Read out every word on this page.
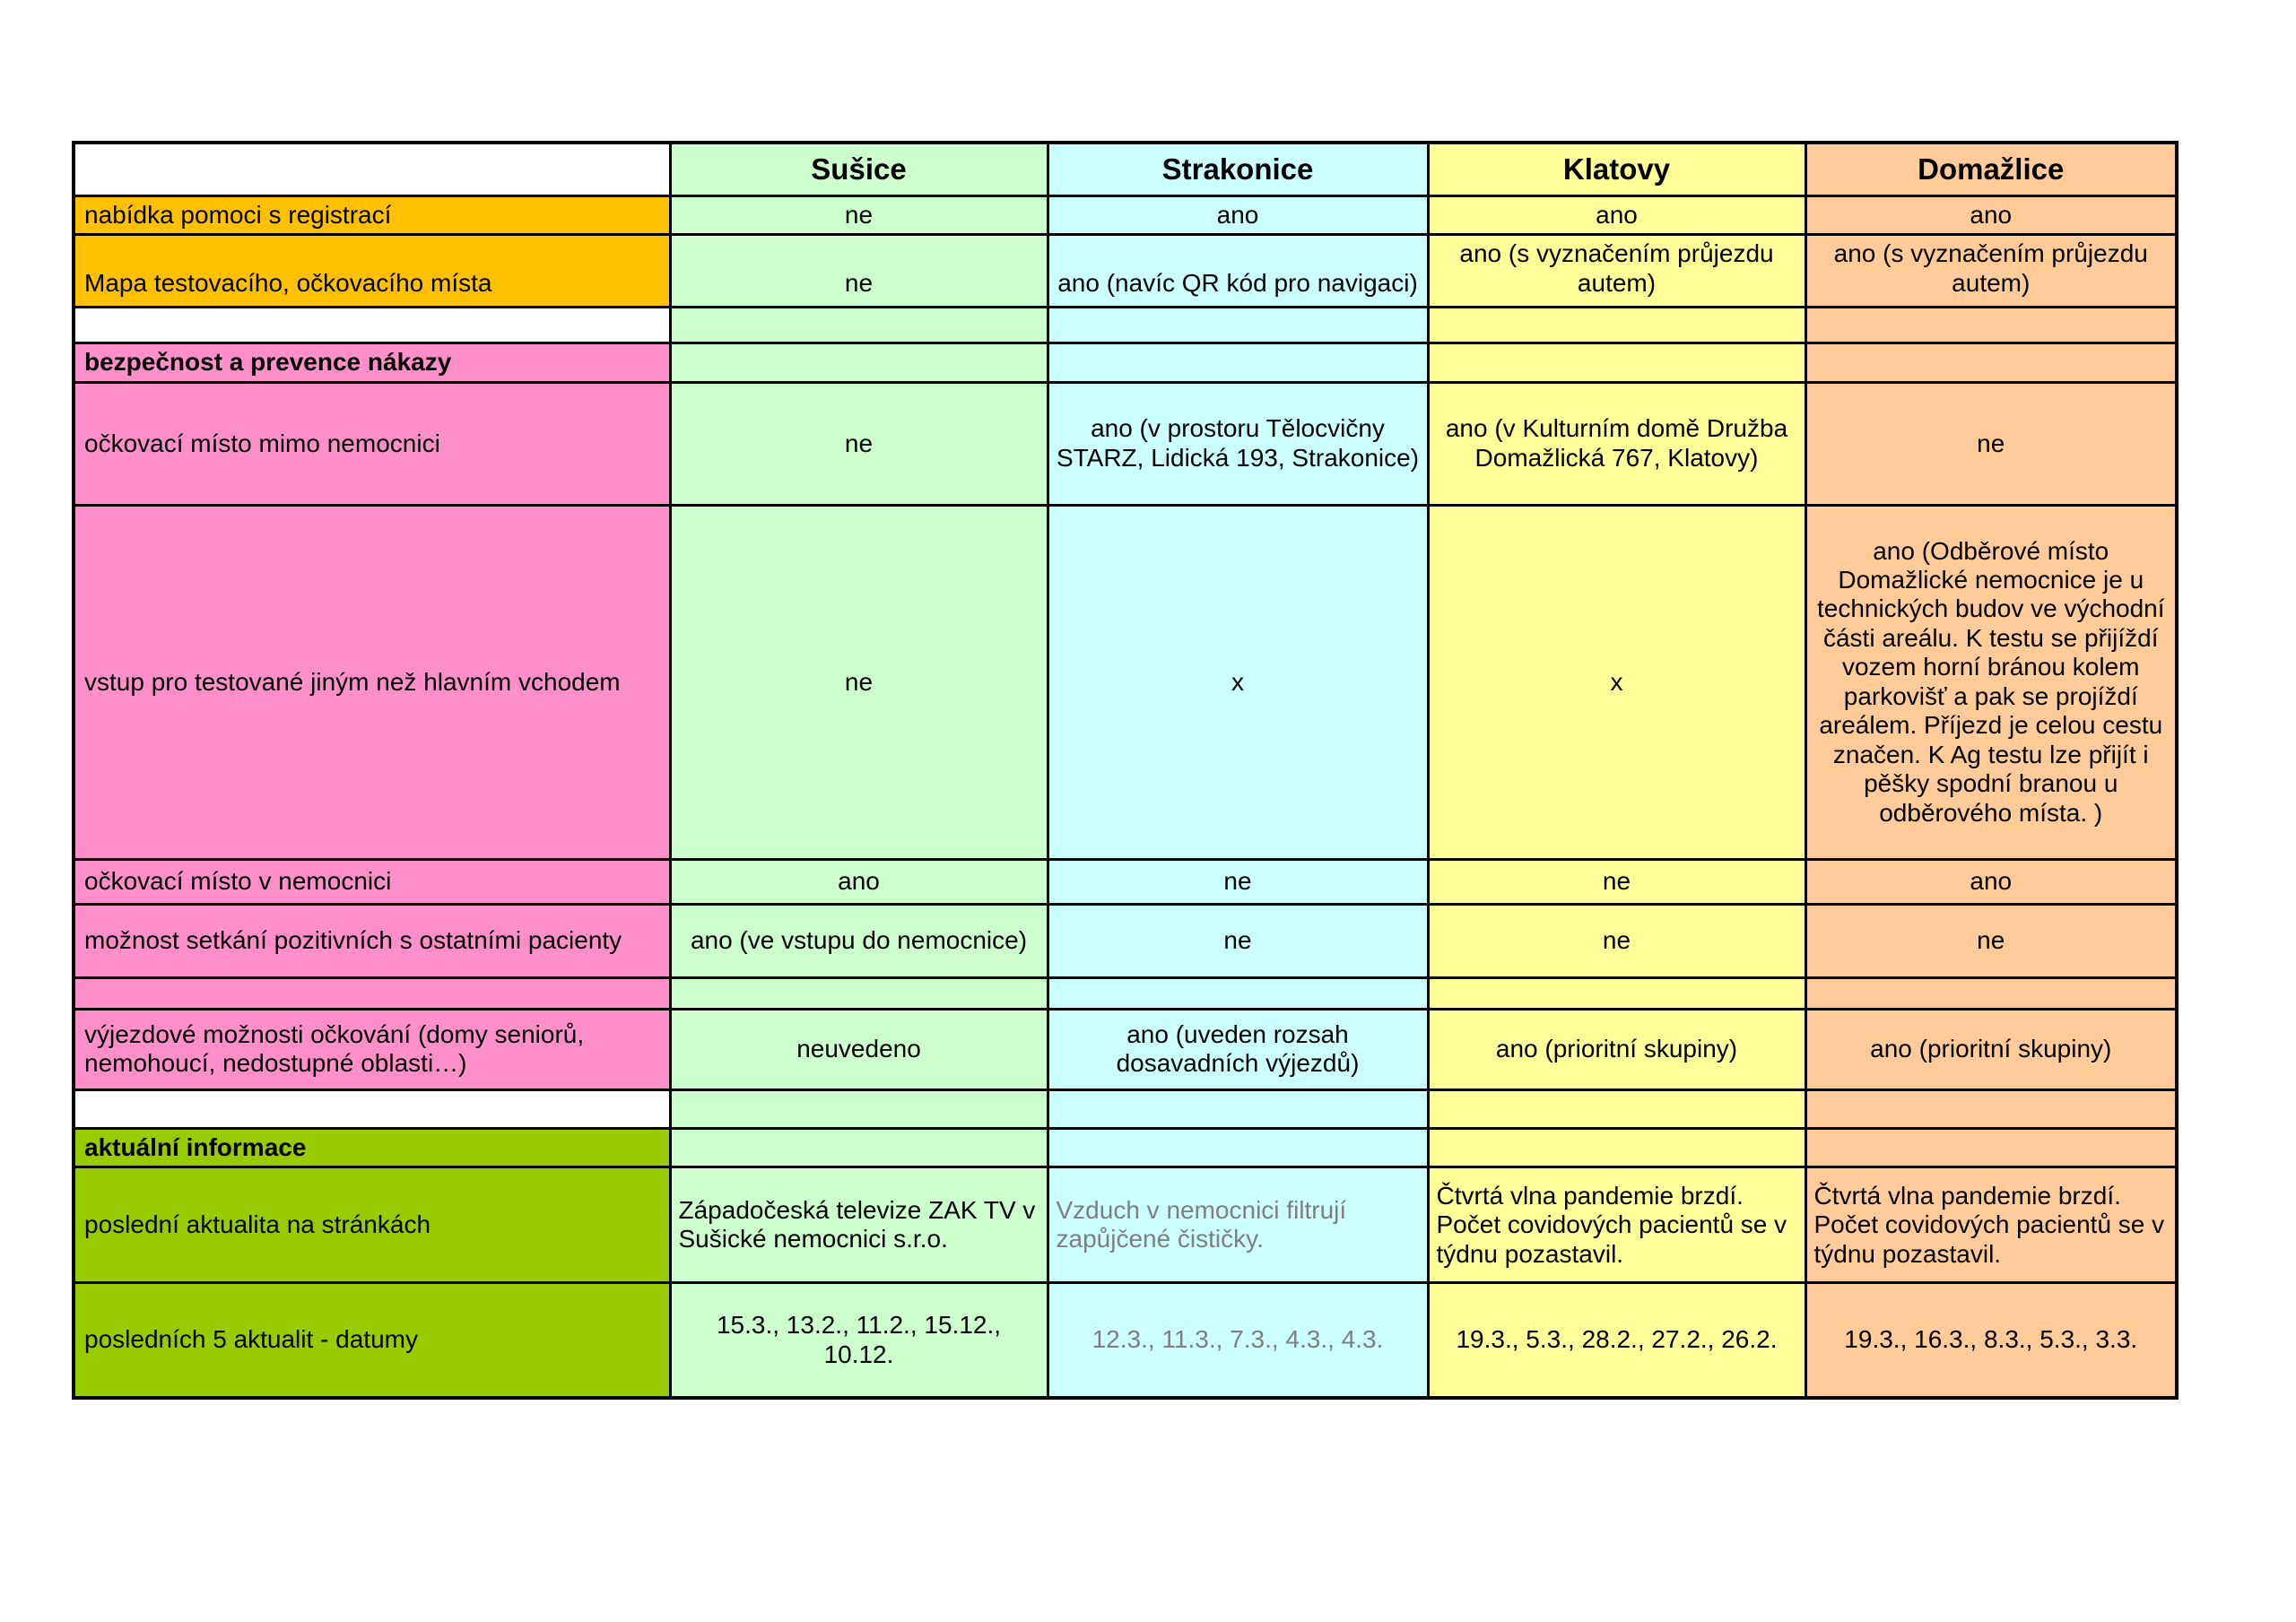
	Sušice	Strakonice	Klatovy	Domažlice
nabídka pomoci s registrací	ne	ano	ano	ano
Mapa testovacího, očkovacího místa	ne	ano (navíc QR kód pro navigaci)	ano (s vyznačením průjezdu autem)	ano (s vyznačením průjezdu autem)

bezpečnost a prevence nákazy				
očkovací místo mimo nemocnici	ne	ano (v prostoru Tělocvičny STARZ, Lidická 193, Strakonice)	ano (v Kulturním domě Družba Domažlická 767, Klatovy)	ne
vstup pro testované jiným než hlavním vchodem	ne	x	x	ano (Odběrové místo Domažlické nemocnice je u technických budov ve východní části areálu. K testu se přijíždí vozem horní bránou kolem parkovišť a pak se projíždí areálem. Příjezd je celou cestu značen. K Ag testu lze přijít i pěšky spodní branou u odběrového místa. )
očkovací místo v nemocnici	ano	ne	ne	ano
možnost setkání pozitivních s ostatními pacienty	ano (ve vstupu do nemocnice)	ne	ne	ne

výjezdové možnosti očkování (domy seniorů, nemohoucí, nedostupné oblasti…)	neuvedeno	ano (uveden rozsah dosavadních výjezdů)	ano (prioritní skupiny)	ano (prioritní skupiny)

aktuální informace				
poslední aktualita na stránkách	Západočeská televize ZAK TV v Sušické nemocnici s.r.o.	Vzduch v nemocnici filtrují zapůjčené čističky.	Čtvrtá vlna pandemie brzdí. Počet covidových pacientů se v týdnu pozastavil.	Čtvrtá vlna pandemie brzdí. Počet covidových pacientů se v týdnu pozastavil.
posledních 5 aktualit - datumy	15.3., 13.2., 11.2., 15.12., 10.12.	12.3., 11.3., 7.3., 4.3., 4.3.	19.3., 5.3., 28.2., 27.2., 26.2.	19.3., 16.3., 8.3., 5.3., 3.3.
